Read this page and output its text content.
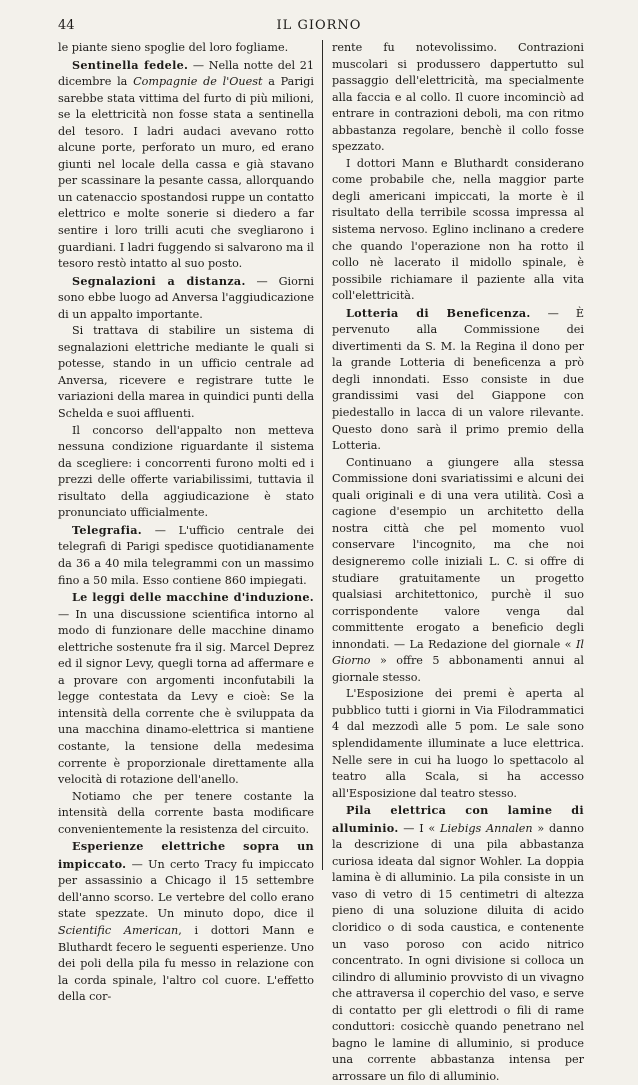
44	IL GIORNO

le piante sieno spoglie del loro fogliame.

Sentinella fedele. — Nella notte del 21 dicembre la Compagnie de l'Ouest a Parigi sarebbe stata vittima del furto di più milioni, se la elettricità non fosse stata a sentinella del tesoro. I ladri audaci avevano rotto alcune porte, perforato un muro, ed erano giunti nel locale della cassa e già stavano per scassinare la pesante cassa, allorquando un catenaccio spostandosi ruppe un contatto elettrico e molte sonerie si diedero a far sentire i loro trilli acuti che svegliarono i guardiani. I ladri fuggendo si salvarono ma il tesoro restò intatto al suo posto.

Segnalazioni a distanza. — Giorni sono ebbe luogo ad Anversa l'aggiudicazione di un appalto importante.

Si trattava di stabilire un sistema di segnalazioni elettriche mediante le quali si potesse, stando in un ufficio centrale ad Anversa, ricevere e registrare tutte le variazioni della marea in quindici punti della Schelda e suoi affluenti.

Il concorso dell'appalto non metteva nessuna condizione riguardante il sistema da scegliere: i concorrenti furono molti ed i prezzi delle offerte variabilissimi, tuttavia il risultato della aggiudicazione è stato pronunciato ufficialmente.

Telegrafia. — L'ufficio centrale dei telegrafi di Parigi spedisce quotidianamente da 36 a 40 mila telegrammi con un massimo fino a 50 mila. Esso contiene 860 impiegati.

Le leggi delle macchine d'induzione. — In una discussione scientifica intorno al modo di funzionare delle macchine dinamo elettriche sostenute fra il sig. Marcel Deprez ed il signor Levy, quegli torna ad affermare e a provare con argomenti inconfutabili la legge contestata da Levy e cioè: Se la intensità della corrente che è sviluppata da una macchina dinamo-elettrica si mantiene costante, la tensione della medesima corrente è proporzionale direttamente alla velocità di rotazione dell'anello.

Notiamo che per tenere costante la intensità della corrente basta modificare convenientemente la resistenza del circuito.

Esperienze elettriche sopra un impiccato. — Un certo Tracy fu impiccato per assassinio a Chicago il 15 settembre dell'anno scorso. Le vertebre del collo erano state spezzate. Un minuto dopo, dice il Scientific American, i dottori Mann e Bluthardt fecero le seguenti esperienze. Uno dei poli della pila fu messo in relazione con la corda spinale, l'altro col cuore. L'effetto della cor-

rente fu notevolissimo. Contrazioni muscolari si produssero dappertutto sul passaggio dell'elettricità, ma specialmente alla faccia e al collo. Il cuore incominciò ad entrare in contrazioni deboli, ma con ritmo abbastanza regolare, benchè il collo fosse spezzato.

I dottori Mann e Bluthardt considerano come probabile che, nella maggior parte degli americani impiccati, la morte è il risultato della terribile scossa impressa al sistema nervoso. Eglino inclinano a credere che quando l'operazione non ha rotto il collo nè lacerato il midollo spinale, è possibile richiamare il paziente alla vita coll'elettricità.

Lotteria di Beneficenza. — È pervenuto alla Commissione dei divertimenti da S. M. la Regina il dono per la grande Lotteria di beneficenza a prò degli innondati. Esso consiste in due grandissimi vasi del Giappone con piedestallo in lacca di un valore rilevante. Questo dono sarà il primo premio della Lotteria.

Continuano a giungere alla stessa Commissione doni svariatissimi e alcuni dei quali originali e di una vera utilità. Così a cagione d'esempio un architetto della nostra città che pel momento vuol conservare l'incognito, ma che noi designeremo colle iniziali L. C. si offre di studiare gratuitamente un progetto qualsiasi architettonico, purchè il suo corrispondente valore venga dal committente erogato a beneficio degli innondati. — La Redazione del giornale « Il Giorno » offre 5 abbonamenti annui al giornale stesso.

L'Esposizione dei premi è aperta al pubblico tutti i giorni in Via Filodrammatici 4 dal mezzodì alle 5 pom. Le sale sono splendidamente illuminate a luce elettrica. Nelle sere in cui ha luogo lo spettacolo al teatro alla Scala, si ha accesso all'Esposizione dal teatro stesso.

Pila elettrica con lamine di alluminio. — I « Liebigs Annalen » danno la descrizione di una pila abbastanza curiosa ideata dal signor Wohler. La doppia lamina è di alluminio. La pila consiste in un vaso di vetro di 15 centimetri di altezza pieno di una soluzione diluita di acido cloridico o di soda caustica, e contenente un vaso poroso con acido nitrico concentrato. In ogni divisione si colloca un cilindro di alluminio provvisto di un vivagno che attraversa il coperchio del vaso, e serve di contatto per gli elettrodi o fili di rame conduttori: cosicchè quando penetrano nel bagno le lamine di alluminio, si produce una corrente abbastanza intensa per arrossare un filo di alluminio.
